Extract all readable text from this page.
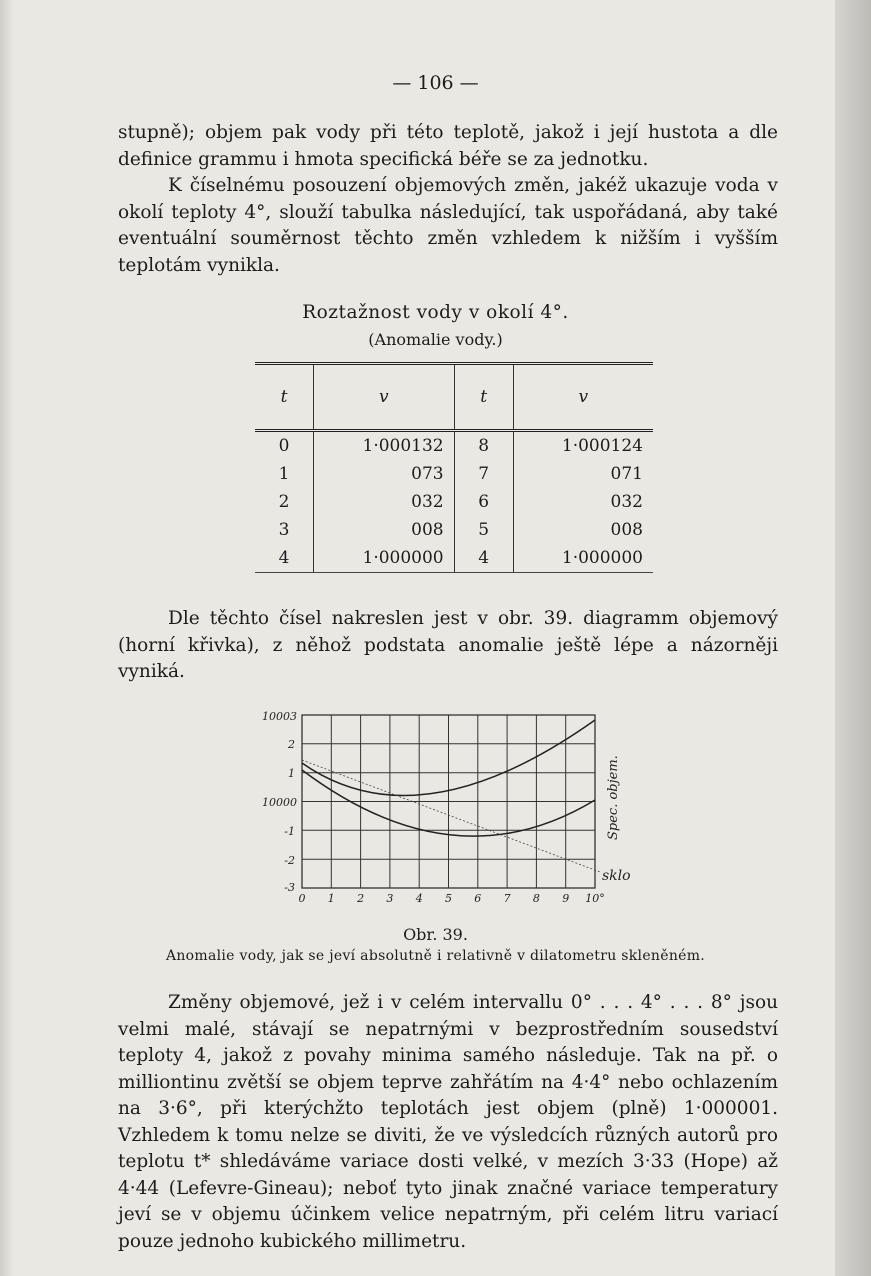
— 106 —

stupně); objem pak vody při této teplotě, jakož i její hustota a dle definice grammu i hmota specifická béře se za jednotku.

K číselnému posouzení objemových změn, jakéž ukazuje voda v okolí teploty 4°, slouží tabulka následující, tak uspořádaná, aby také eventuální souměrnost těchto změn vzhledem k nižším i vyšším teplotám vynikla.

Roztažnost vody v okolí 4°.
(Anomalie vody.)
t	v	t	v
0	1·000132	8	1·000124
1	073	7	071
2	032	6	032
3	008	5	008
4	1·000000	4	1·000000
Dle těchto čísel nakreslen jest v obr. 39. diagramm objemový (horní křivka), z něhož podstata anomalie ještě lépe a názorněji vyniká.
10003
2
1
10000
-1
-2
-3
0 1 2 3 4 5 6 7 8 9 10°
Spec. objem.
sklo
Obr. 39.
Anomalie vody, jak se jeví absolutně i relativně v dilatometru skleněném.
Změny objemové, jež i v celém intervallu 0° . . . 4° . . . 8° jsou velmi malé, stávají se nepatrnými v bezprostředním sousedství teploty 4, jakož z povahy minima samého následuje. Tak na př. o milliontinu zvětší se objem teprve zahřátím na 4·4° nebo ochlazením na 3·6°, při kterýchžto teplotách jest objem (plně) 1·000001. Vzhledem k tomu nelze se diviti, že ve výsledcích různých autorů pro teplotu t* shledáváme variace dosti velké, v mezích 3·33 (Hope) až 4·44 (Lefevre-Gineau); neboť tyto jinak značné variace temperatury jeví se v objemu účinkem velice nepatrným, při celém litru variací pouze jednoho kubického millimetru.
